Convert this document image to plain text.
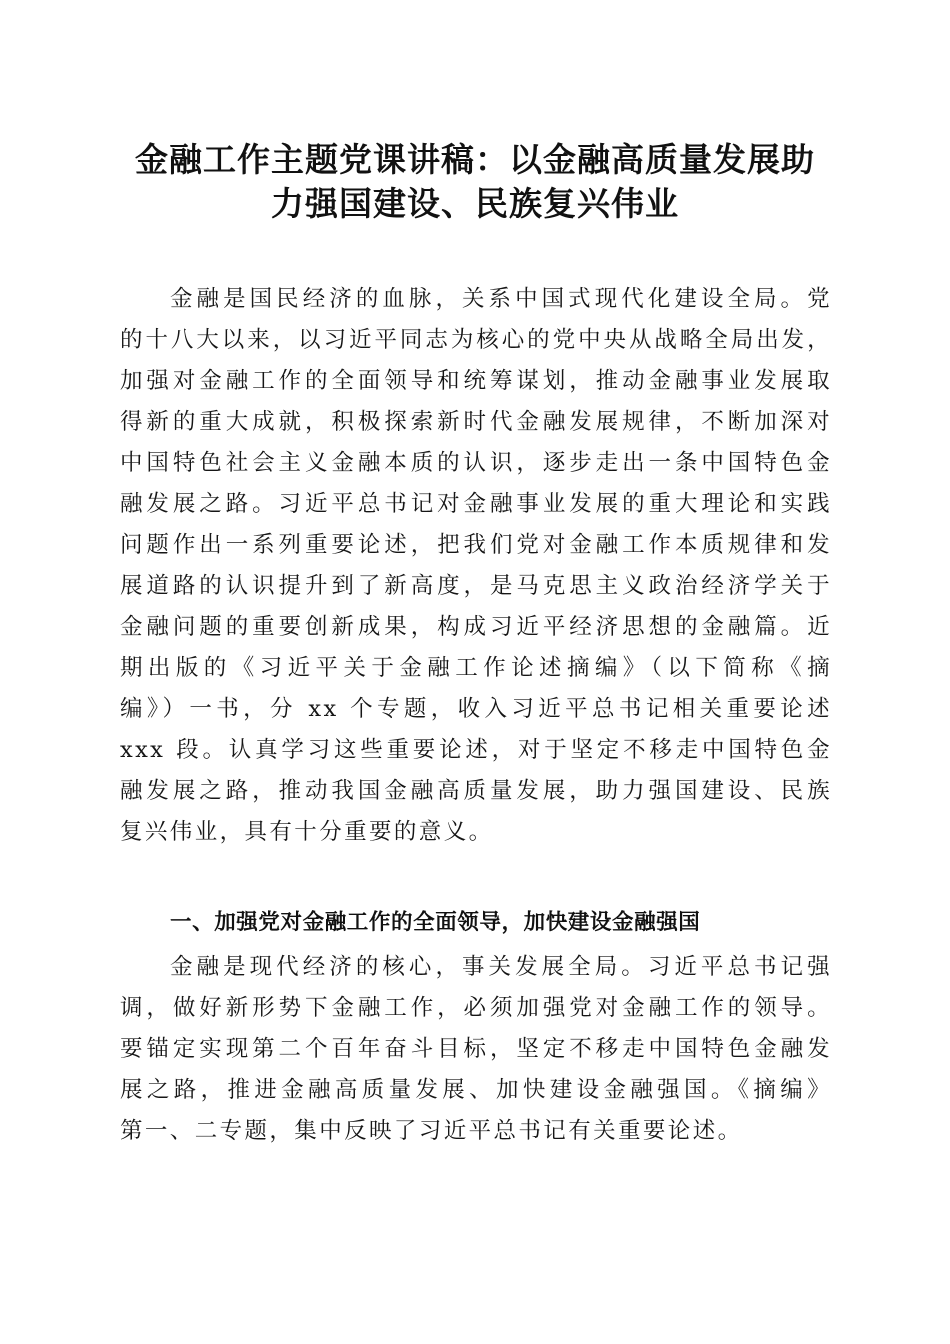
金融工作主题党课讲稿：以金融高质量发展助
力强国建设、民族复兴伟业
金融是国民经济的血脉，关系中国式现代化建设全局。党
的十八大以来，以习近平同志为核心的党中央从战略全局出发，
加强对金融工作的全面领导和统筹谋划，推动金融事业发展取
得新的重大成就，积极探索新时代金融发展规律，不断加深对
中国特色社会主义金融本质的认识，逐步走出一条中国特色金
融发展之路。习近平总书记对金融事业发展的重大理论和实践
问题作出一系列重要论述，把我们党对金融工作本质规律和发
展道路的认识提升到了新高度，是马克思主义政治经济学关于
金融问题的重要创新成果，构成习近平经济思想的金融篇。近
期出版的《习近平关于金融工作论述摘编》（以下简称《摘
编》）一书，分 xx 个专题，收入习近平总书记相关重要论述
xxx 段。认真学习这些重要论述，对于坚定不移走中国特色金
融发展之路，推动我国金融高质量发展，助力强国建设、民族
复兴伟业，具有十分重要的意义。
一、加强党对金融工作的全面领导，加快建设金融强国
金融是现代经济的核心，事关发展全局。习近平总书记强
调，做好新形势下金融工作，必须加强党对金融工作的领导。
要锚定实现第二个百年奋斗目标，坚定不移走中国特色金融发
展之路，推进金融高质量发展、加快建设金融强国。《摘编》
第一、二专题，集中反映了习近平总书记有关重要论述。
